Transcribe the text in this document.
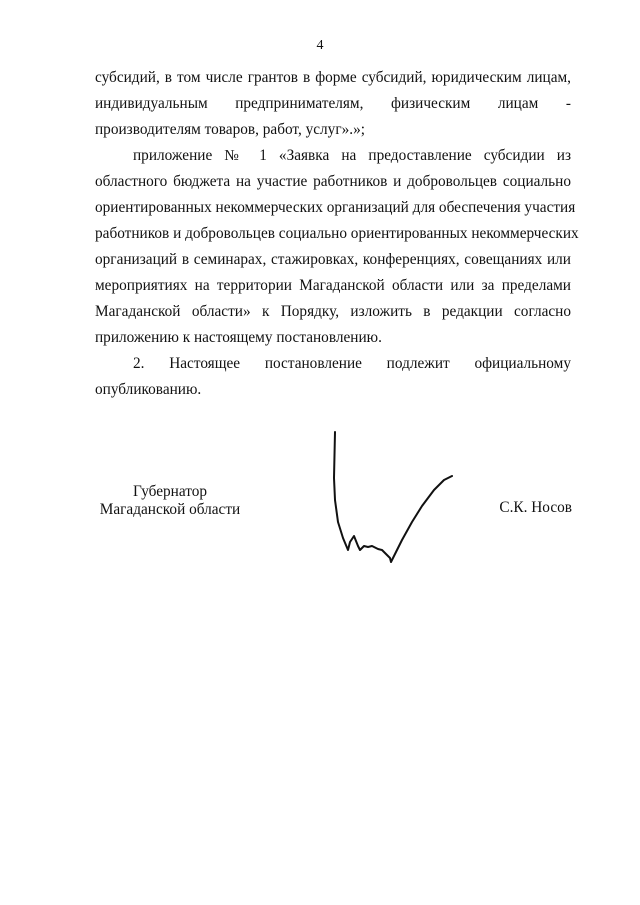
4

субсидий, в том числе грантов в форме субсидий, юридическим лицам,
индивидуальным предпринимателям, физическим лицам -
производителям товаров, работ, услуг».»;

приложение № 1 «Заявка на предоставление субсидии из
областного бюджета на участие работников и добровольцев социально
ориентированных некоммерческих организаций для обеспечения участия
работников и добровольцев социально ориентированных некоммерческих
организаций в семинарах, стажировках, конференциях, совещаниях или
мероприятиях на территории Магаданской области или за пределами
Магаданской области» к Порядку, изложить в редакции согласно
приложению к настоящему постановлению.

2. Настоящее постановление подлежит официальному
опубликованию.

Губернатор
Магаданской области	С.К. Носов
